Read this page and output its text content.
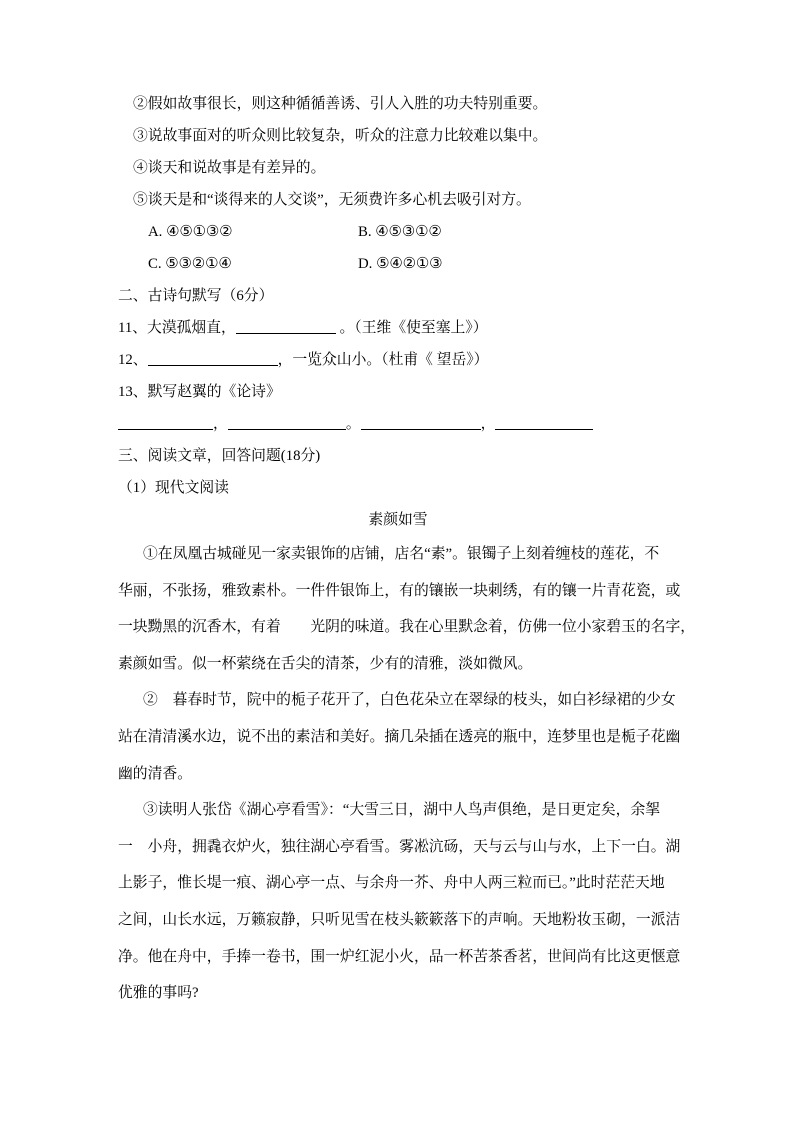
②假如故事很长，则这种循循善诱、引人入胜的功夫特别重要。
③说故事面对的听众则比较复杂，听众的注意力比较难以集中。
④谈天和说故事是有差异的。
⑤谈天是和“谈得来的人交谈”，无须费许多心机去吸引对方。
A. ④⑤①③②	B. ④⑤③①②
C. ⑤③②①④	D. ⑤④②①③
二、古诗句默写（6分）
11、大漠孤烟直，	。（王维《使至塞上》）
12、	，一览众山小。（杜甫《 望岳》）
13、默写赵翼的《论诗》
，	。	，
三、阅读文章，回答问题(18分)
（1）现代文阅读
素颜如雪
①在凤凰古城碰见一家卖银饰的店铺，店名“素”。银镯子上刻着缠枝的莲花，不
华丽，不张扬，雅致素朴。一件件银饰上，有的镶嵌一块刺绣，有的镶一片青花瓷，或
一块黝黑的沉香木，有着　　光阴的味道。我在心里默念着，仿佛一位小家碧玉的名字，
素颜如雪。似一杯萦绕在舌尖的清茶，少有的清雅，淡如微风。
②　暮春时节，院中的栀子花开了，白色花朵立在翠绿的枝头，如白衫绿裙的少女
站在清清溪水边，说不出的素洁和美好。摘几朵插在透亮的瓶中，连梦里也是栀子花幽
幽的清香。
③读明人张岱《湖心亭看雪》：“大雪三日，湖中人鸟声俱绝，是日更定矣，余挐
一　小舟，拥毳衣炉火，独往湖心亭看雪。雾凇沆砀，天与云与山与水，上下一白。湖
上影子，惟长堤一痕、湖心亭一点、与余舟一芥、舟中人两三粒而已。”此时茫茫天地
之间，山长水远，万籁寂静，只听见雪在枝头簌簌落下的声响。天地粉妆玉砌，一派洁
净。他在舟中，手捧一卷书，围一炉红泥小火，品一杯苦茶香茗，世间尚有比这更惬意
优雅的事吗?
